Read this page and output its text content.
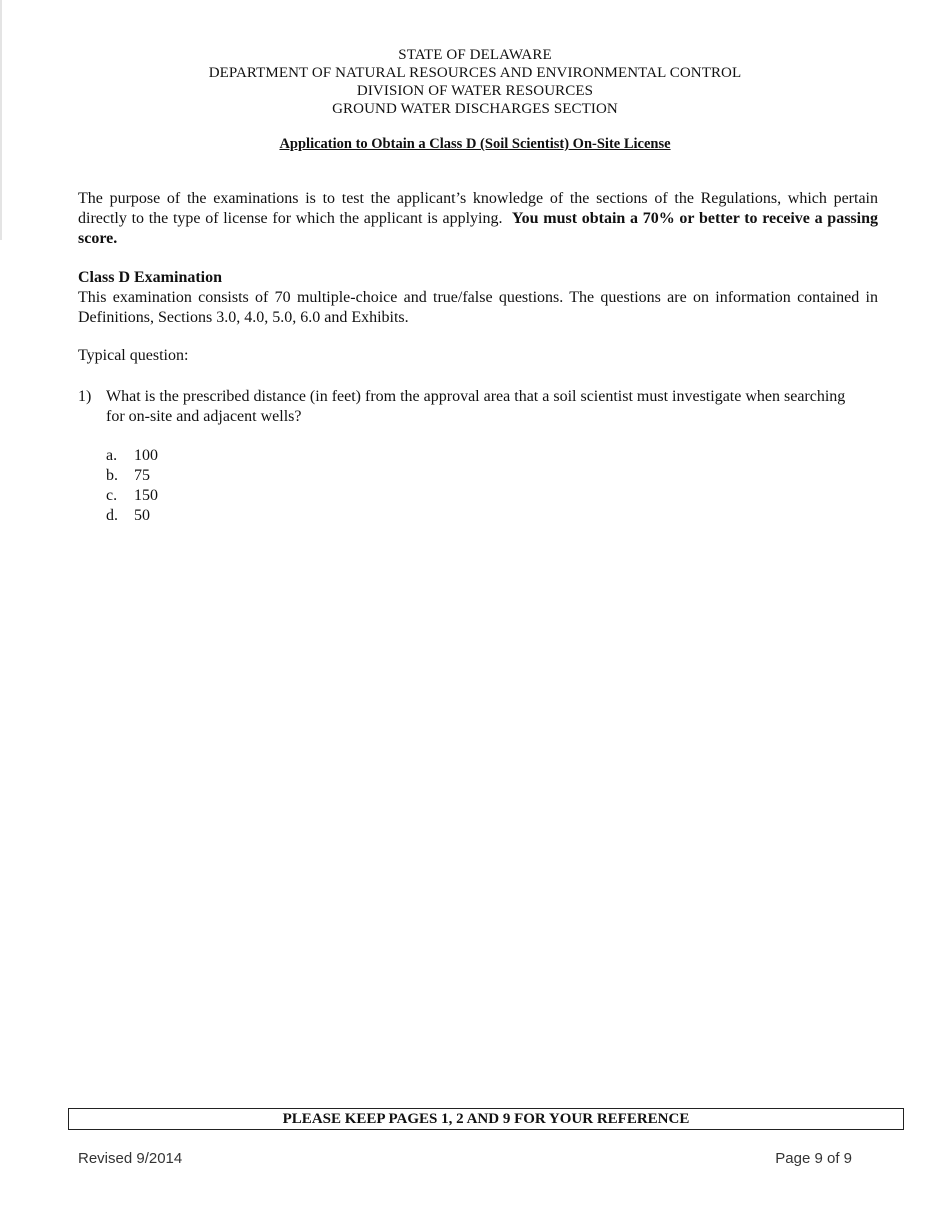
STATE OF DELAWARE
DEPARTMENT OF NATURAL RESOURCES AND ENVIRONMENTAL CONTROL
DIVISION OF WATER RESOURCES
GROUND WATER DISCHARGES SECTION
Application to Obtain a Class D (Soil Scientist) On-Site License
The purpose of the examinations is to test the applicant’s knowledge of the sections of the Regulations, which pertain directly to the type of license for which the applicant is applying. You must obtain a 70% or better to receive a passing score.
Class D Examination
This examination consists of 70 multiple-choice and true/false questions. The questions are on information contained in Definitions, Sections 3.0, 4.0, 5.0, 6.0 and Exhibits.
Typical question:
1) What is the prescribed distance (in feet) from the approval area that a soil scientist must investigate when searching for on-site and adjacent wells?
a.	100
b.	75
c.	150
d.	50
PLEASE KEEP PAGES 1, 2 AND 9 FOR YOUR REFERENCE
Revised 9/2014	Page 9 of 9
